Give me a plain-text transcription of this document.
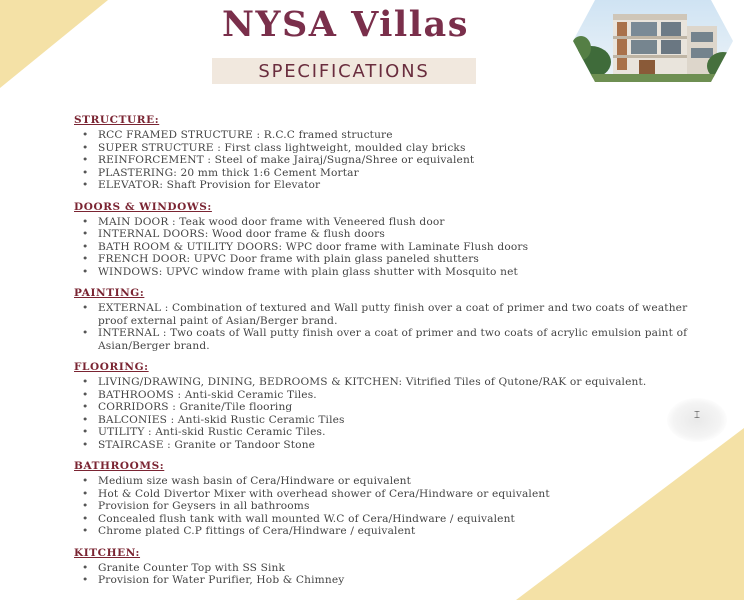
NYSA Villas
SPECIFICATIONS
STRUCTURE:
• RCC FRAMED STRUCTURE : R.C.C framed structure
• SUPER STRUCTURE : First class lightweight, moulded clay bricks
• REINFORCEMENT : Steel of make Jairaj/Sugna/Shree or equivalent
• PLASTERING: 20 mm thick 1:6 Cement Mortar
• ELEVATOR: Shaft Provision for Elevator
DOORS & WINDOWS:
• MAIN DOOR : Teak wood door frame with Veneered flush door
• INTERNAL DOORS: Wood door frame & flush doors
• BATH ROOM & UTILITY DOORS: WPC door frame with Laminate Flush doors
• FRENCH DOOR: UPVC Door frame with plain glass paneled shutters
• WINDOWS: UPVC window frame with plain glass shutter with Mosquito net
PAINTING:
• EXTERNAL : Combination of textured and Wall putty finish over a coat of primer and two coats of weather proof external paint of Asian/Berger brand.
• INTERNAL : Two coats of Wall putty finish over a coat of primer and two coats of acrylic emulsion paint of Asian/Berger brand.
FLOORING:
• LIVING/DRAWING, DINING, BEDROOMS & KITCHEN: Vitrified Tiles of Qutone/RAK or equivalent.
• BATHROOMS : Anti-skid Ceramic Tiles.
• CORRIDORS : Granite/Tile flooring
• BALCONIES : Anti-skid Rustic Ceramic Tiles
• UTILITY : Anti-skid Rustic Ceramic Tiles.
• STAIRCASE : Granite or Tandoor Stone
BATHROOMS:
• Medium size wash basin of Cera/Hindware or equivalent
• Hot & Cold Divertor Mixer with overhead shower of Cera/Hindware or equivalent
• Provision for Geysers in all bathrooms
• Concealed flush tank with wall mounted W.C of Cera/Hindware / equivalent
• Chrome plated C.P fittings of Cera/Hindware / equivalent
KITCHEN:
• Granite Counter Top with SS Sink
• Provision for Water Purifier, Hob & Chimney
⌶
